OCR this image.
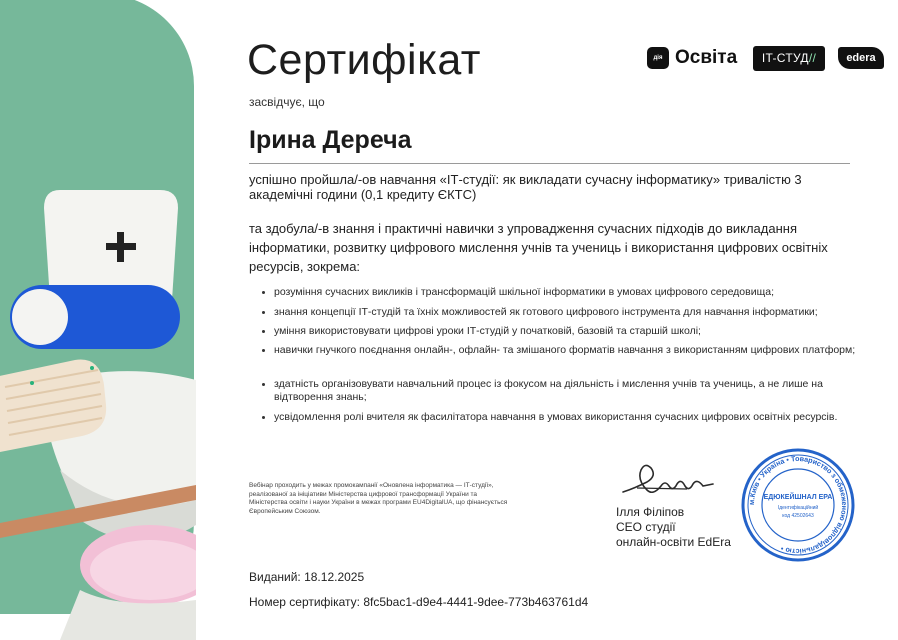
Сертифікат
засвідчує, що
Ірина Дереча
дія Освіта	IT-СТУД//	edera
успішно пройшла/-ов навчання «ІТ-студії: як викладати сучасну інформатику» тривалістю 3 академічні години (0,1 кредиту ЄКТС)
та здобула/-в знання і практичні навички з упровадження сучасних підходів до викладання інформатики, розвитку цифрового мислення учнів та учениць і використання цифрових освітніх ресурсів, зокрема:
розуміння сучасних викликів і трансформацій шкільної інформатики в умовах цифрового середовища;
знання концепції ІТ-студій та їхніх можливостей як готового цифрового інструмента для навчання інформатики;
уміння використовувати цифрові уроки ІТ-студій у початковій, базовій та старшій школі;
навички гнучкого поєднання онлайн-, офлайн- та змішаного форматів навчання з використанням цифрових платформ;
здатність організовувати навчальний процес із фокусом на діяльність і мислення учнів та учениць, а не лише на відтворення знань;
усвідомлення ролі вчителя як фасилітатора навчання в умовах використання сучасних цифрових освітніх ресурсів.
Вебінар проходить у межах промокампанії «Оновлена інформатика — ІТ-студії», реалізованої за ініціативи Міністерства цифрової трансформації України та Міністерства освіти і науки України в межах програми EU4DigitalUA, що фінансується Європейським Союзом.	Ілля Філіпов
CEO студії
онлайн-освіти EdEra
м.Київ • Україна • Товариство з обмеженою відповідальністю •
ЕДЮКЕЙШНАЛ ЕРА
Ідентифікаційний
код 42502643
Виданий: 18.12.2025
Номер сертифікату: 8fc5bac1-d9e4-4441-9dee-773b463761d4
